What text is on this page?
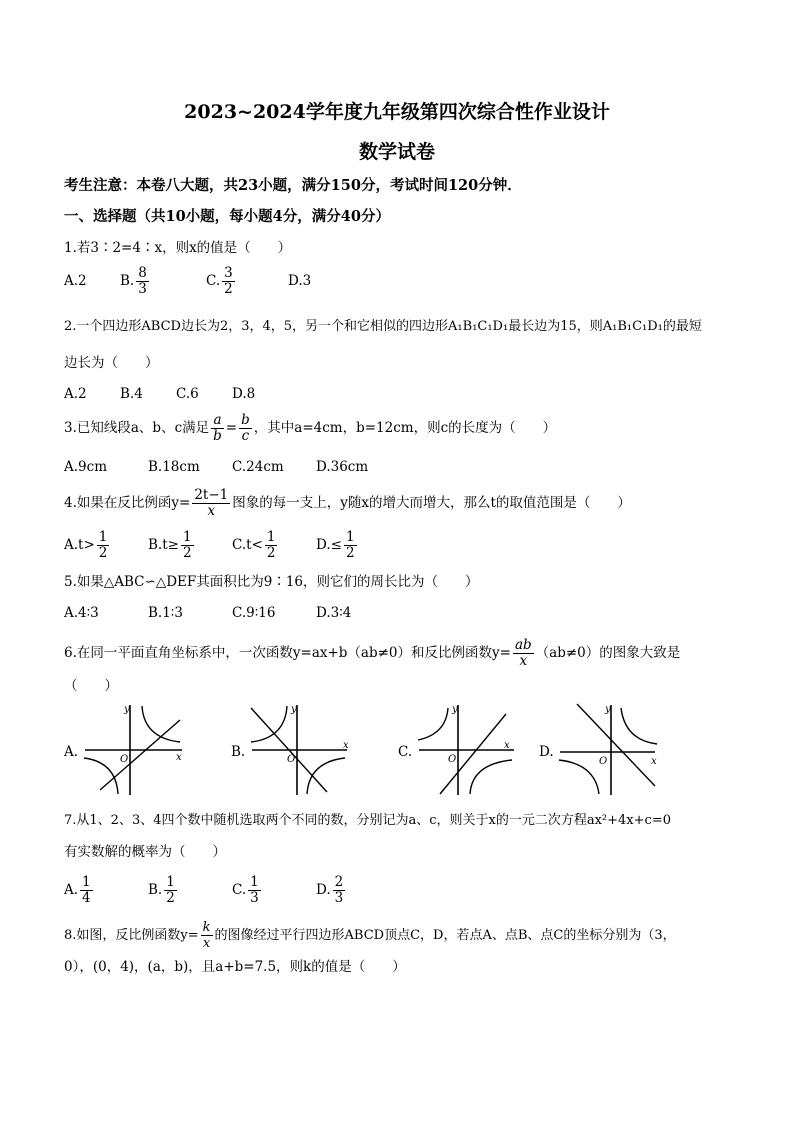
2023~2024学年度九年级第四次综合性作业设计
数学试卷
考生注意：本卷八大题，共23小题，满分150分，考试时间120分钟．
一、选择题（共10小题，每小题4分，满分40分）
1.若3∶2=4∶x，则x的值是（　　）
A.2 B. $\frac{8}{3}$	C. $\frac{3}{2}$	D.3
2.一个四边形ABCD边长为2，3，4，5，另一个和它相似的四边形A₁B₁C₁D₁最长边为15，则A₁B₁C₁D₁的最短
边长为（　　）
A.2 B.4 C.6 D.8
3.已知线段a、b、c满足 $\frac{a}{b} = \frac{b}{c}$ ，其中a=4cm，b=12cm，则c的长度为（　　）
A.9cm	B.18cm C.24cm D.36cm
4.如果在反比例函$y= \frac{2t-1}{x}$ 图象的每一支上，y随x的增大而增大，那么t的取值范围是（　　）
$A.t> \frac{1}{2}$	$B.t\ge \frac{1}{2}$	$C.t< \frac{1}{2}$	$D.\le \frac{1}{2}$
5.如果△ABC∽△DEF其面积比为9∶16，则它们的周长比为（　　）
A.4∶3	B.1∶3	C.9∶16	D.3∶4
6.在同一平面直角坐标系中，一次函数y=ax+b（ab≠0）和反比例函数$y= \frac{ab}{x} (ab\ne 0)$的图象大致是
（　　）
A.	B.	C.	D.
y
x
O
y
x
O
y
x
O
y
x
O
7.从1、2、3、4四个数中随机选取两个不同的数，分别记为a、c，则关于x的一元二次方程ax²+4x+c=0
有实数解的概率为（　　）
A. $\frac{1}{4}$	B. $\frac{1}{2}$	C. $\frac{1}{3}$	D. $\frac{2}{3}$
8.如图，反比例函数$y= \frac{k}{x}$ 的图像经过平行四边形ABCD顶点C，D，若点A、点B、点C的坐标分别为（3，
0），(0，4)，(a，b)，且a+b=7.5，则k的值是（　　）
